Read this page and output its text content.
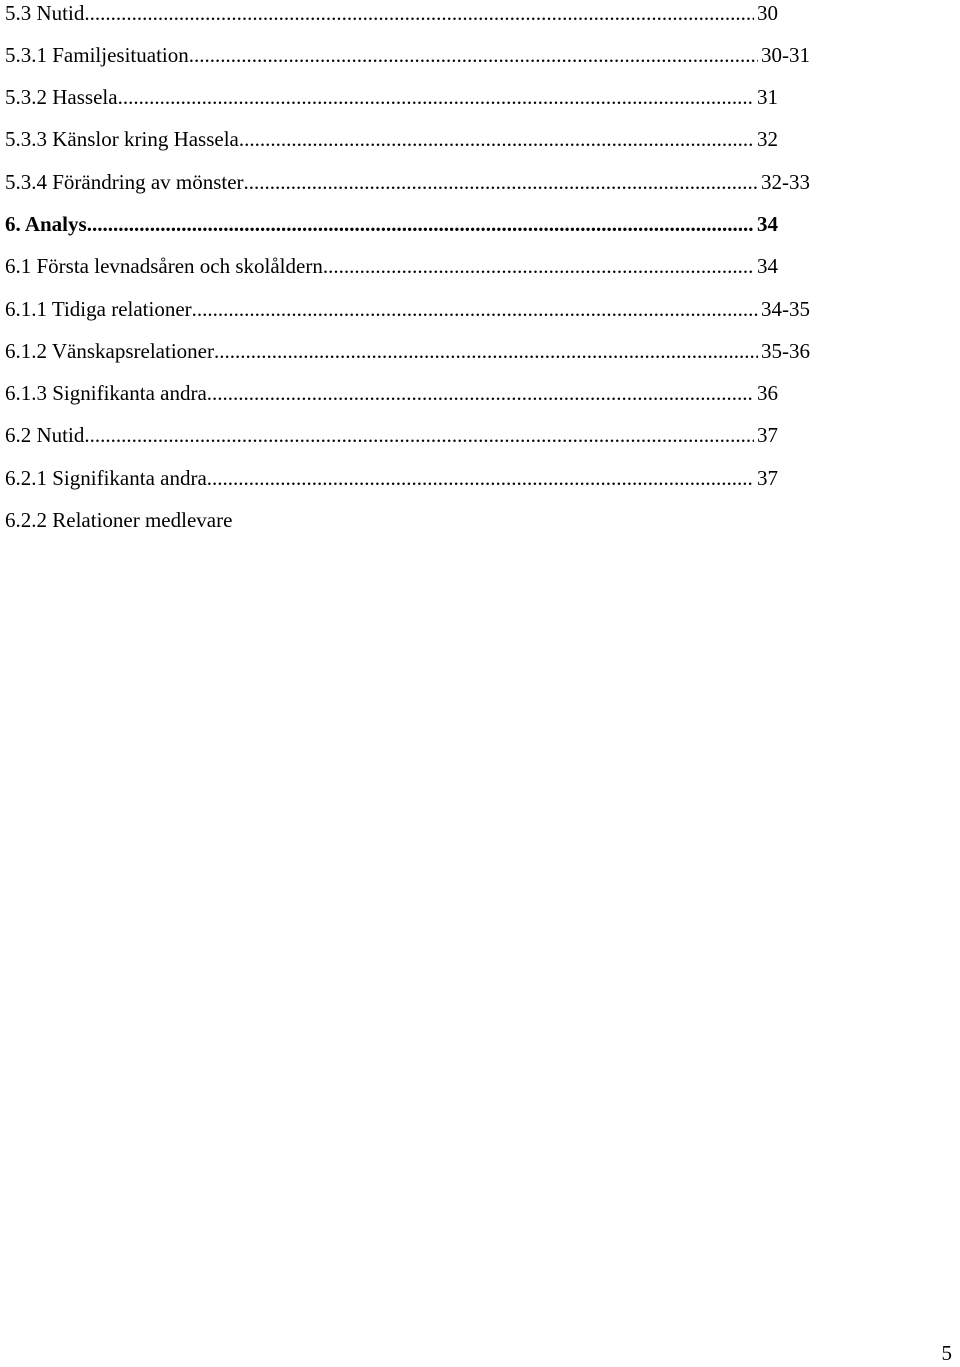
5.3 Nutid .....	30
5.3.1 Familjesituation .....	30-31
5.3.2 Hassela .....	31
5.3.3 Känslor kring Hassela .....	32
5.3.4 Förändring av mönster .....	32-33
6. Analys .....	34
6.1 Första levnadsåren och skolåldern .....	34
6.1.1 Tidiga relationer .....	34-35
6.1.2 Vänskapsrelationer .....	35-36
6.1.3 Signifikanta andra .....	36
6.2 Nutid .....	37
6.2.1 Signifikanta andra .....	37
6.2.2 Relationer medlevare
5
